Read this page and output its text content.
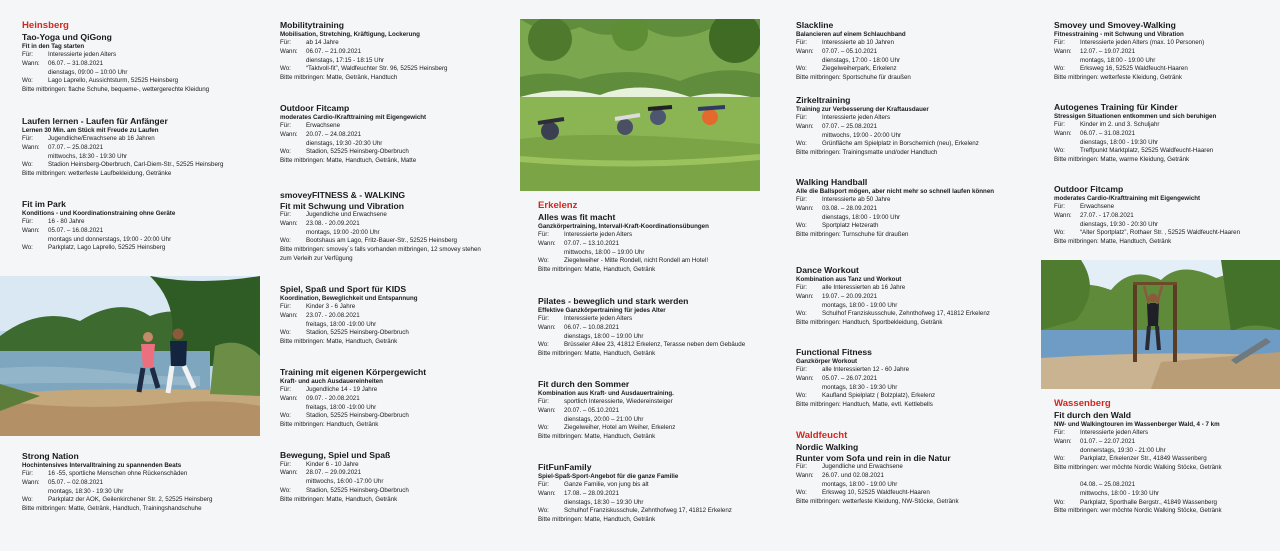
Heinsberg
Tao-Yoga und QiGong
Fit in den Tag starten
Für:	Interessierte jeden Alters
Wann:	06.07. – 31.08.2021
dienstags, 09:00 – 10:00 Uhr
Wo:	Lago Laprello, Aussichtsturm, 52525 Heinsberg
Bitte mitbringen: flache Schuhe, bequeme-, wettergerechte Kleidung
Laufen lernen - Laufen für Anfänger
Lernen 30 Min. am Stück mit Freude zu Laufen
Für:	Jugendliche/Erwachsene ab 16 Jahren
Wann:	07.07. – 25.08.2021
mittwochs, 18:30 - 19:30 Uhr
Wo:	Stadion Heinsberg-Oberbruch, Carl-Diem-Str., 52525 Heinsberg
Bitte mitbringen: wetterfeste Laufbekleidung, Getränke
Fit im Park
Konditions - und Koordinationstraining ohne Geräte
Für:	16 - 80 Jahre
Wann:	05.07. – 16.08.2021
montags und donnerstags, 19:00 - 20:00 Uhr
Wo:	Parkplatz, Lago Laprello, 52525 Heinsberg
Strong Nation
Hochintensives Intervalltraining zu spannenden Beats
Für:	16 -55, sportliche Menschen ohne Rückenschäden
Wann:	05.07. – 02.08.2021
montags, 18:30 - 19:30 Uhr
Wo:	Parkplatz der AOK, Geilenkirchener Str. 2, 52525 Heinsberg
Bitte mitbringen: Matte, Getränk, Handtuch, Trainingshandschuhe
Mobilitytraining
Mobilisation, Stretching, Kräftigung, Lockerung
Für:	ab 14 Jahre
Wann:	06.07. – 21.09.2021
dienstags, 17:15 - 18:15 Uhr
Wo:	“Taktvoll-fit”, Waldfeuchter Str. 96, 52525 Heinsberg
Bitte mitbringen: Matte, Getränk, Handtuch
Outdoor Fitcamp
moderates Cardio-/Krafttraining mit Eigengewicht
Für:	Erwachsene
Wann:	20.07. – 24.08.2021
dienstags, 19:30 -20:30 Uhr
Wo:	Stadion, 52525 Heinsberg-Oberbruch
Bitte mitbringen: Matte, Handtuch, Getränk, Matte
smoveyFITNESS & - WALKING
Fit mit Schwung und Vibration
Für:	Jugendliche und Erwachsene
Wann:	23.08. - 20.09.2021
montags, 19:00 -20:00 Uhr
Wo:	Bootshaus am Lago, Fritz-Bauer-Str., 52525 Heinsberg
Bitte mitbringen: smovey´s falls vorhanden mitbringen, 12 smovey stehen
zum Verleih zur Verfügung
Spiel, Spaß und Sport für KIDS
Koordination, Beweglichkeit und Entspannung
Für:	Kinder 3 - 6 Jahre
Wann:	23.07. - 20.08.2021
freitags, 18:00 -19:00 Uhr
Wo:	Stadion, 52525 Heinsberg-Oberbruch
Bitte mitbringen: Matte, Handtuch, Getränk
Training mit eigenen Körpergewicht
Kraft- und auch Ausdauereinheiten
Für:	Jugendliche 14 - 19 Jahre
Wann:	09.07. - 20.08.2021
freitags, 18:00 -19:00 Uhr
Wo:	Stadion, 52525 Heinsberg-Oberbruch
Bitte mitbringen: Handtuch, Getränk
Bewegung, Spiel und Spaß
Für:	Kinder 6 - 10 Jahre
Wann:	28.07. – 29.09.2021
mittwochs, 16:00 -17:00 Uhr
Wo:	Stadion, 52525 Heinsberg-Oberbruch
Bitte mitbringen: Matte, Handtuch, Getränk
Erkelenz
Alles was fit macht
Ganzkörpertraining, Intervall-Kraft-Koordinationsübungen
Für:	Interessierte jeden Alters
Wann:	07.07. – 13.10.2021
mittwochs, 18:00 – 19:00 Uhr
Wo:	Ziegelweiher - Mitte Rondell, nicht Rondell am Hotel!
Bitte mitbringen: Matte, Handtuch, Getränk
Pilates - beweglich und stark werden
Effektive Ganzkörpertraining für jedes Alter
Für:	Interessierte jeden Alters
Wann:	06.07. – 10.08.2021
dienstags, 18:00 – 19:00 Uhr
Wo:	Brüsseler Allee 23, 41812 Erkelenz, Terasse neben dem Gebäude
Bitte mitbringen: Matte, Handtuch, Getränk
Fit durch den Sommer
Kombination aus Kraft- und Ausdauertraining.
Für:	sportlich Interessierte, Wiedereinsteiger
Wann:	20.07. – 05.10.2021
dienstags, 20:00 – 21:00 Uhr
Wo:	Ziegelweiher, Hotel am Weiher, Erkelenz
Bitte mitbringen: Matte, Handtuch, Getränk
FitFunFamily
Spiel-Spaß-Sport-Angebot für die ganze Familie
Für:	Ganze Familie, von jung bis alt
Wann:	17.08. – 28.09.2021
dienstags, 18:30 – 19:30 Uhr
Wo:	Schulhof Franziskusschule, Zehnthofweg 17, 41812 Erkelenz
Bitte mitbringen: Matte, Handtuch, Getränk
Slackline
Balancieren auf einem Schlauchband
Für:	Interessierte ab 10 Jahren
Wann:	07.07. – 05.10.2021
dienstags, 17:00 - 18:00 Uhr
Wo:	Ziegelweiherpark, Erkelenz
Bitte mitbringen: Sportschuhe für draußen
Zirkeltraining
Training zur Verbesserung der Kraftausdauer
Für:	Interessierte jeden Alters
Wann:	07.07. – 25.08.2021
mittwochs, 19:00 - 20:00 Uhr
Wo:	Grünfläche am Spielplatz in Borschemich (neu), Erkelenz
Bitte mitbringen: Trainingsmatte und/oder Handtuch
Walking Handball
Alle die Ballsport mögen, aber nicht mehr so schnell laufen können
Für:	Interessierte ab 50 Jahre
Wann:	03.08. – 28.09.2021
dienstags, 18:00 - 19:00 Uhr
Wo:	Sportplatz Hetzerath
Bitte mitbringen: Turnschuhe für draußen
Dance Workout
Kombination aus Tanz und Workout
Für:	alle Interessierten ab 16 Jahre
Wann:	19.07. – 20.09.2021
montags, 18:00 - 19:00 Uhr
Wo:	Schulhof Franziskusschule, Zehnthofweg 17, 41812 Erkelenz
Bitte mitbringen: Handtuch, Sportbekleidung, Getränk
Functional Fitness
Ganzkörper Workout
Für:	alle Interessierten 12 - 60 Jahre
Wann:	05.07. – 26.07.2021
montags, 18:30 - 19:30 Uhr
Wo:	Kaufland Spielplatz ( Bolzplatz), Erkelenz
Bitte mitbringen: Handtuch, Matte, evtl. Kettlebells
Waldfeucht
Nordic Walking
Runter vom Sofa und rein in die Natur
Für:	Jugendliche und Erwachsene
Wann:	26.07. und 02.08.2021
montags, 18:00 - 19:00 Uhr
Wo:	Erksweg 10, 52525 Waldfeucht-Haaren
Bitte mitbringen: wetterfeste Kleidung, NW-Stöcke, Getränk
Smovey und Smovey-Walking
Fitnesstraining - mit Schwung und Vibration
Für:	Interessierte jeden Alters (max. 10 Personen)
Wann:	12.07. – 19.07.2021
montags, 18:00 - 19:00 Uhr
Wo:	Erksweg 16, 52525 Waldfeucht-Haaren
Bitte mitbringen: wetterfeste Kleidung, Getränk
Autogenes Training für Kinder
Stressigen Situationen entkommen und sich beruhigen
Für:	Kinder im 2. und 3. Schuljahr
Wann:	06.07. – 31.08.2021
dienstags, 18:00 - 19:30 Uhr
Wo:	Treffpunkt Marktplatz, 52525 Waldfeucht-Haaren
Bitte mitbringen: Matte, warme Kleidung, Getränk
Outdoor Fitcamp
moderates Cardio-/Krafttraining mit Eigengewicht
Für:	Erwachsene
Wann:	27.07. - 17.08.2021
dienstags, 19:30 - 20:30 Uhr
Wo:	“Alter Sportplatz”, Rothaer Str. , 52525 Waldfeucht-Haaren
Bitte mitbringen: Matte, Handtuch, Getränk
Wassenberg
Fit durch den Wald
NW- und Walkingtouren im Wassenberger Wald, 4 - 7 km
Für:	Interessierte jeden Alters
Wann:	01.07. – 22.07.2021
donnerstags, 19:30 - 21:00 Uhr
Wo:	Parkplatz, Erkelenzer Str., 41849 Wassenberg
Bitte mitbringen: wer möchte Nordic Walking Stöcke, Getränk
04.08. – 25.08.2021
mittwochs, 18:00 - 19:30 Uhr
Wo:	Parkplatz, Sporthalle Bergstr., 41849 Wassenberg
Bitte mitbringen: wer möchte Nordic Walking Stöcke, Getränk
